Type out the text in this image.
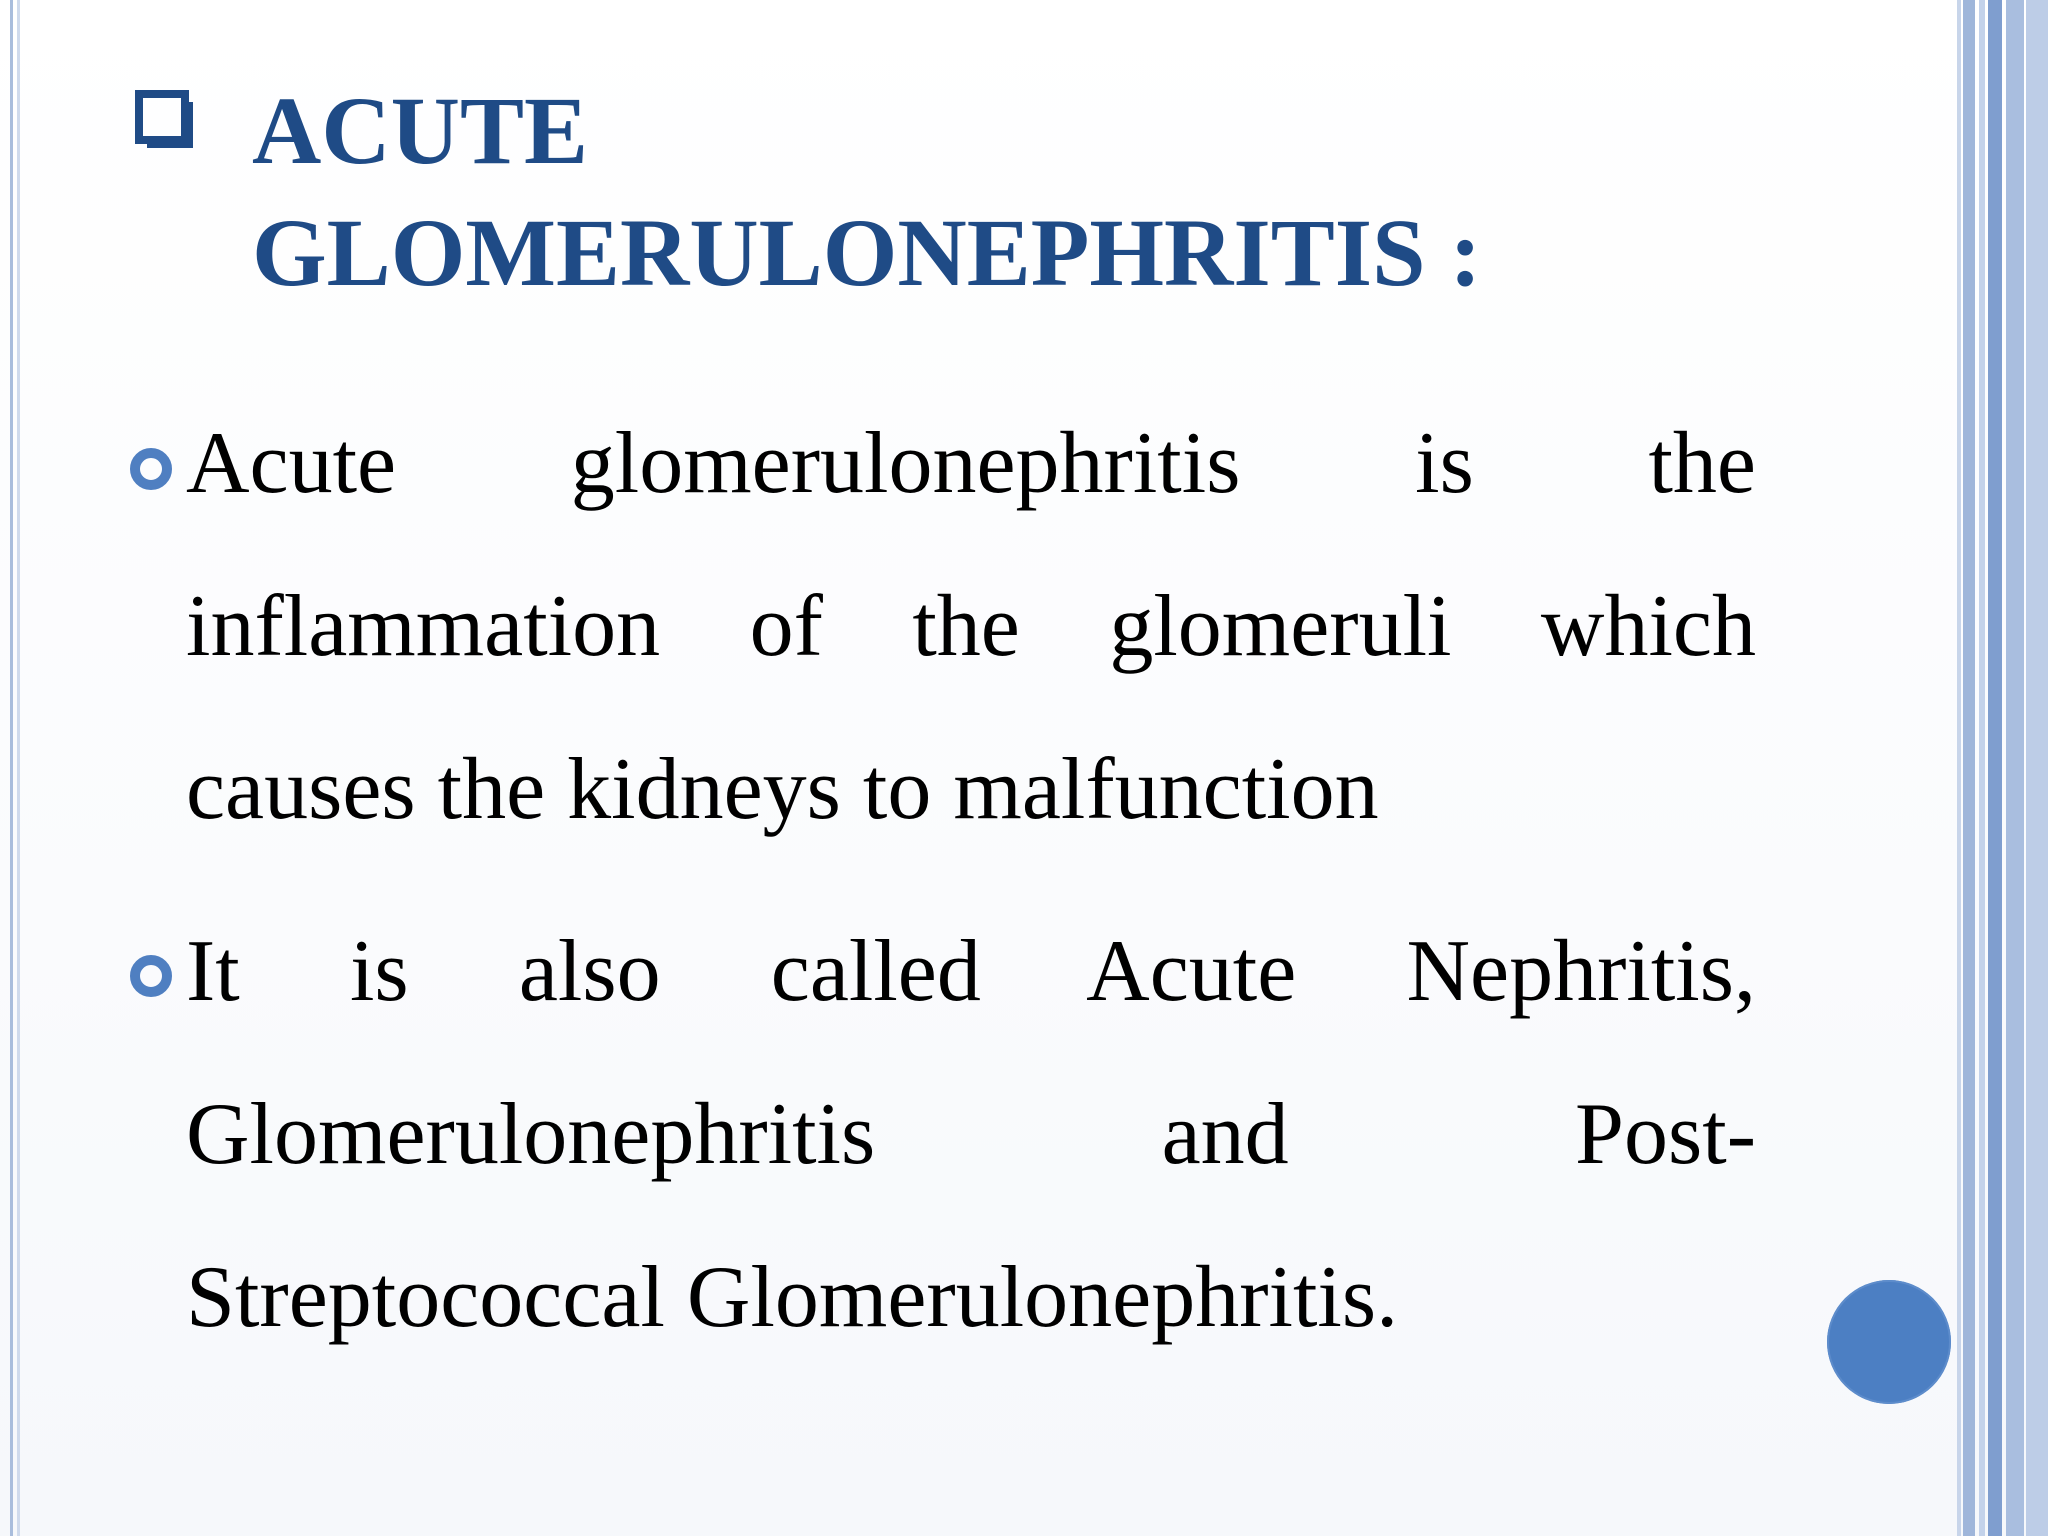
ACUTE
GLOMERULONEPHRITIS :
Acute glomerulonephritis is the
inflammation of the glomeruli which
causes the kidneys to malfunction
It is also called Acute Nephritis,
Glomerulonephritis and Post-
Streptococcal Glomerulonephritis.
